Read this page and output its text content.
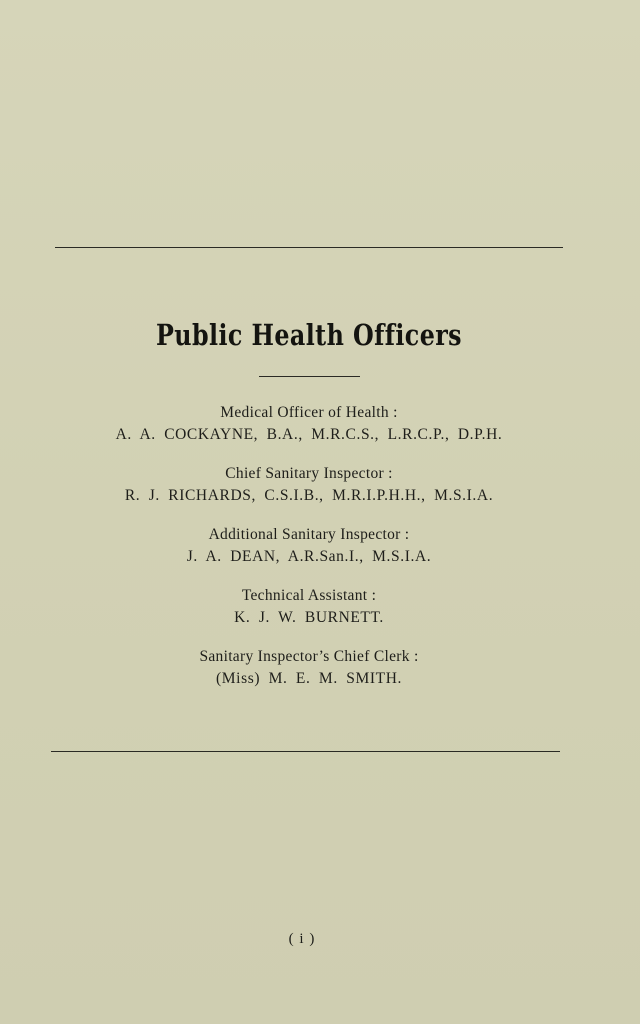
Public Health Officers
Medical Officer of Health :
A. A. COCKAYNE, B.A., M.R.C.S., L.R.C.P., D.P.H.
Chief Sanitary Inspector :
R. J. RICHARDS, C.S.I.B., M.R.I.P.H.H., M.S.I.A.
Additional Sanitary Inspector :
J. A. DEAN, A.R.San.I., M.S.I.A.
Technical Assistant :
K. J. W. BURNETT.
Sanitary Inspector’s Chief Clerk :
(Miss) M. E. M. SMITH.
( i )
